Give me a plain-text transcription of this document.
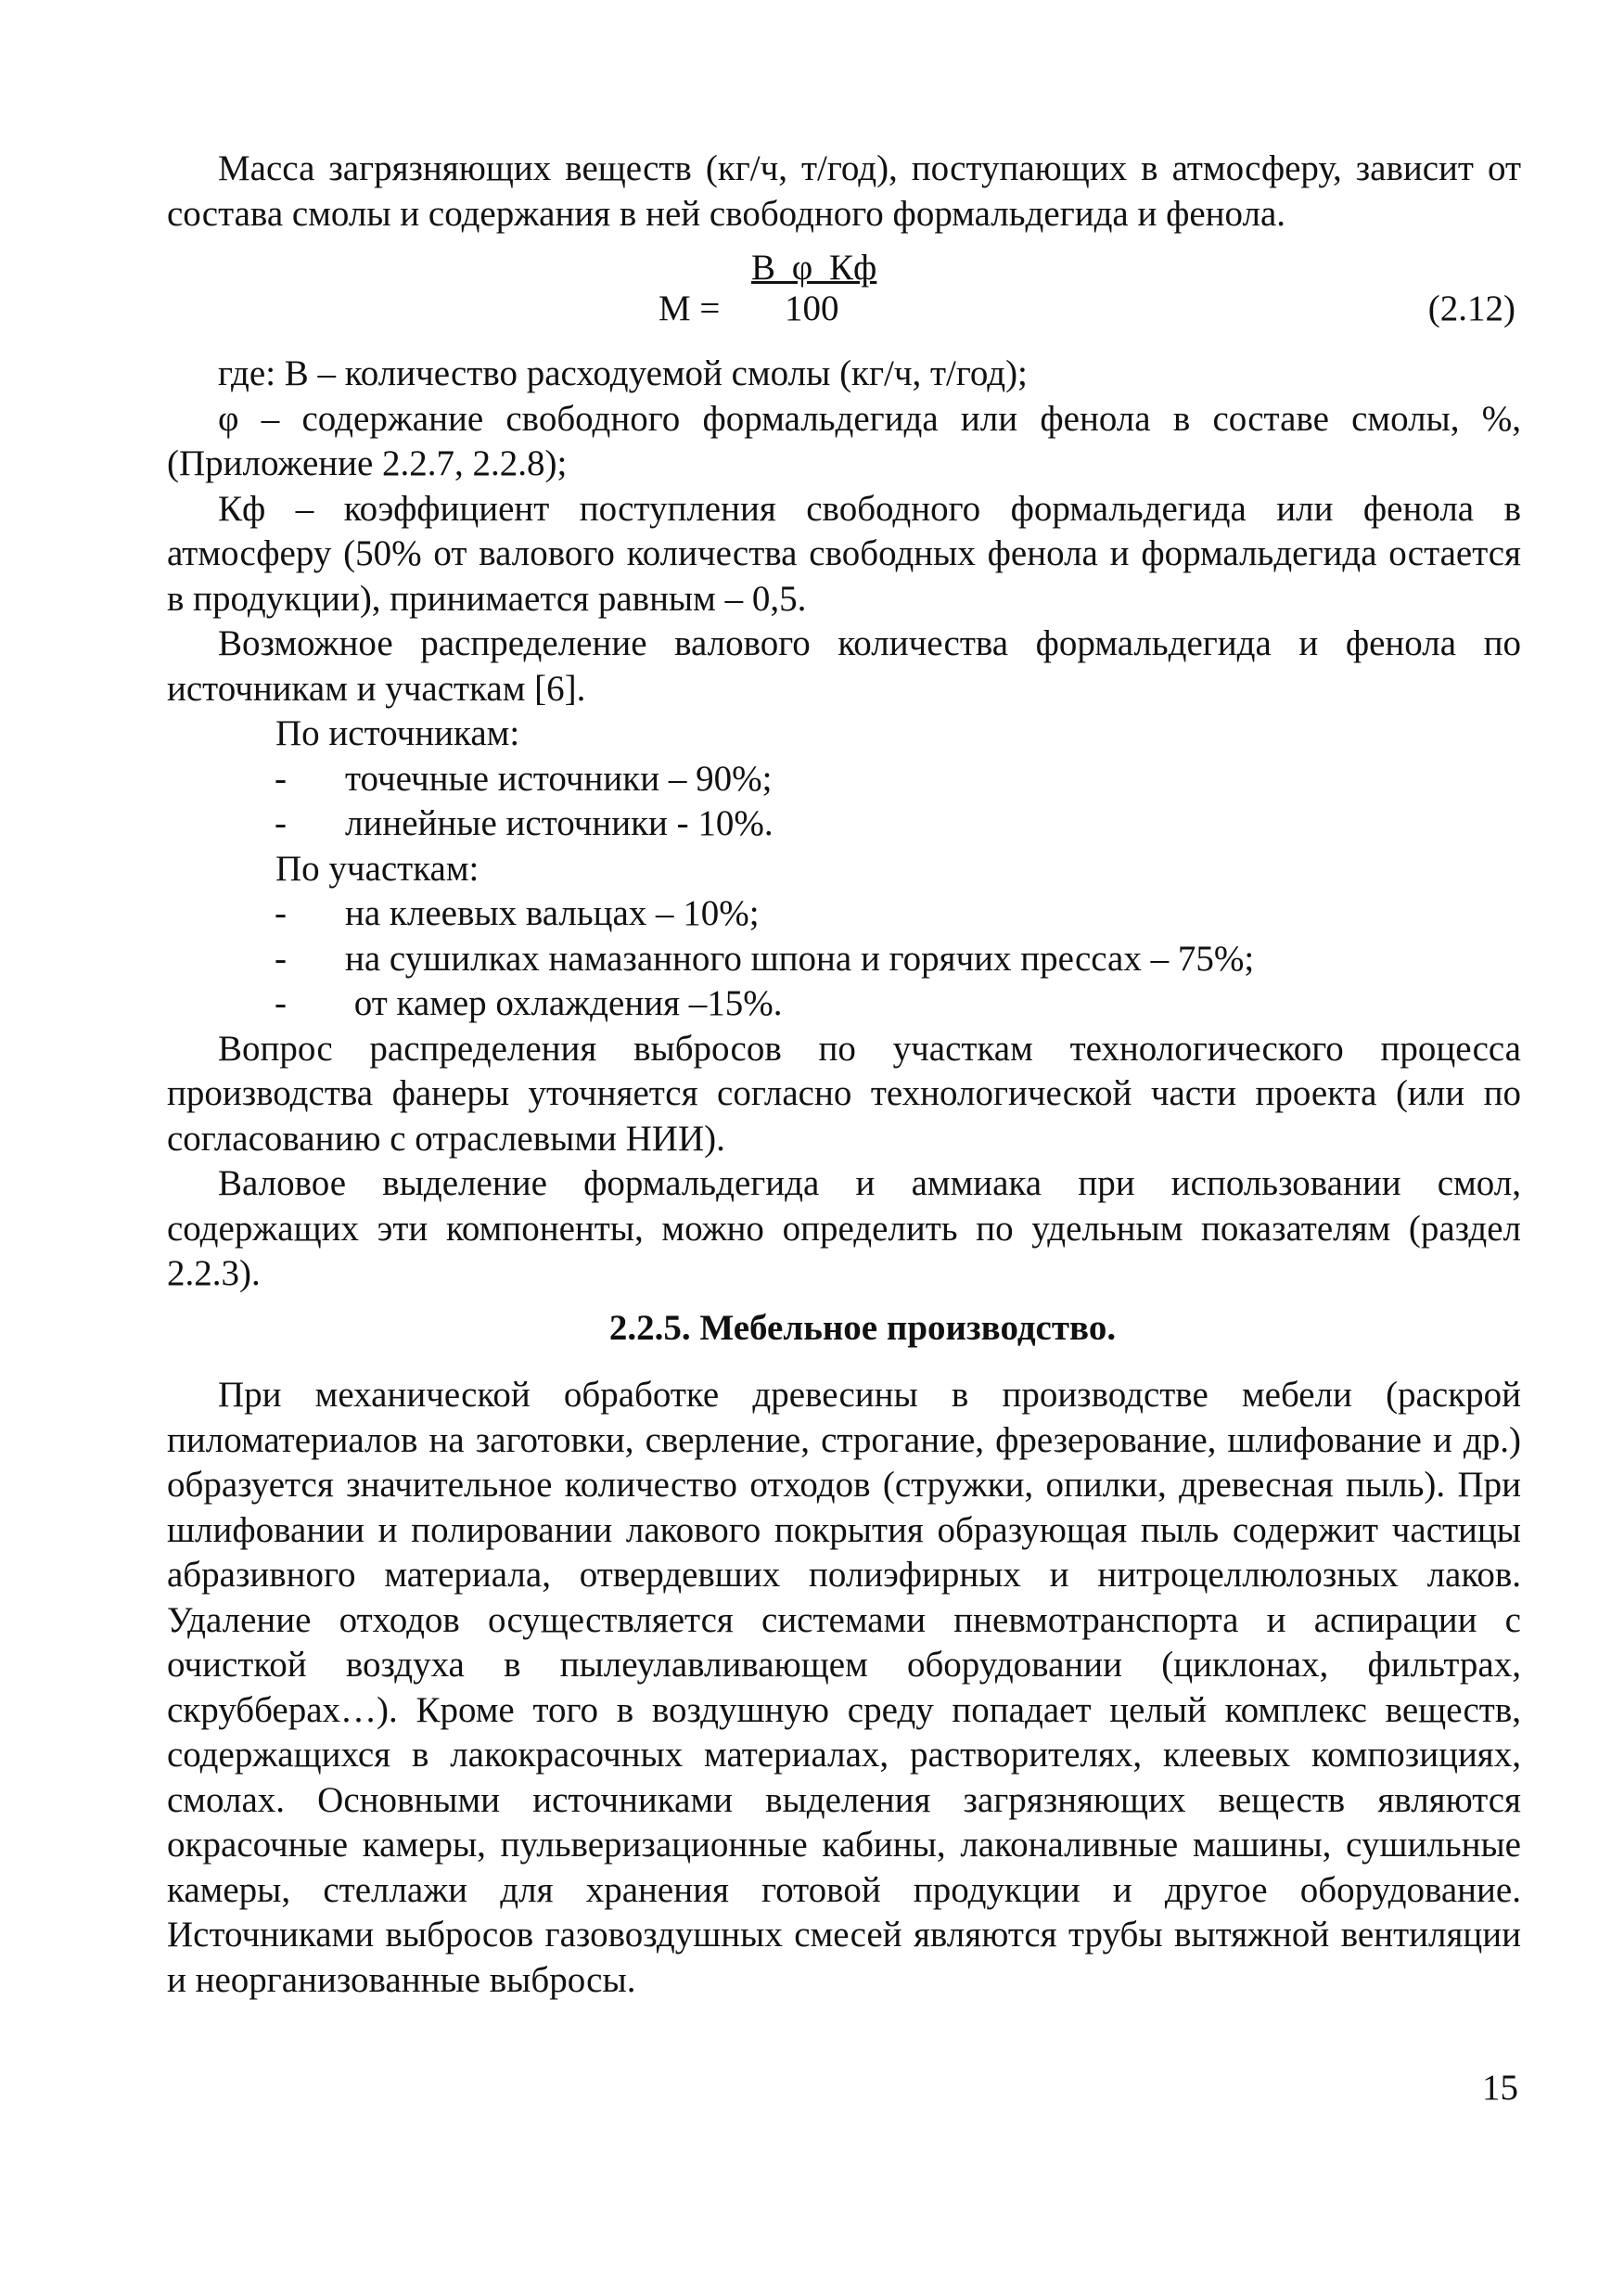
Масса загрязняющих веществ (кг/ч, т/год), поступающих в атмосферу, зависит от состава смолы и содержания в ней свободного формальдегида и фенола.

В φ Кф
М = 100	(2.12)

где: В – количество расходуемой смолы (кг/ч, т/год);

φ – содержание свободного формальдегида или фенола в составе смолы, %, (Приложение 2.2.7, 2.2.8);

Кф – коэффициент поступления свободного формальдегида или фенола в атмосферу (50% от валового количества свободных фенола и формальдегида остается в продукции), принимается равным – 0,5.

Возможное распределение валового количества формальдегида и фенола по источникам и участкам [6].

По источникам:
- точечные источники – 90%;
- линейные источники - 10%.
По участкам:
- на клеевых вальцах – 10%;
- на сушилках намазанного шпона и горячих прессах – 75%;
- от камер охлаждения –15%.

Вопрос распределения выбросов по участкам технологического процесса производства фанеры уточняется согласно технологической части проекта (или по согласованию с отраслевыми НИИ).

Валовое выделение формальдегида и аммиака при использовании смол, содержащих эти компоненты, можно определить по удельным показателям (раздел 2.2.3).

2.2.5. Мебельное производство.

При механической обработке древесины в производстве мебели (раскрой пиломатериалов на заготовки, сверление, строгание, фрезерование, шлифование и др.) образуется значительное количество отходов (стружки, опилки, древесная пыль). При шлифовании и полировании лакового покрытия образующая пыль содержит частицы абразивного материала, отвердевших полиэфирных и нитроцеллюлозных лаков. Удаление отходов осуществляется системами пневмотранспорта и аспирации с очисткой воздуха в пылеулавливающем оборудовании (циклонах, фильтрах, скрубберах…). Кроме того в воздушную среду попадает целый комплекс веществ, содержащихся в лакокрасочных материалах, растворителях, клеевых композициях, смолах. Основными источниками выделения загрязняющих веществ являются окрасочные камеры, пульверизационные кабины, лаконаливные машины, сушильные камеры, стеллажи для хранения готовой продукции и другое оборудование. Источниками выбросов газовоздушных смесей являются трубы вытяжной вентиляции и неорганизованные выбросы.

15
